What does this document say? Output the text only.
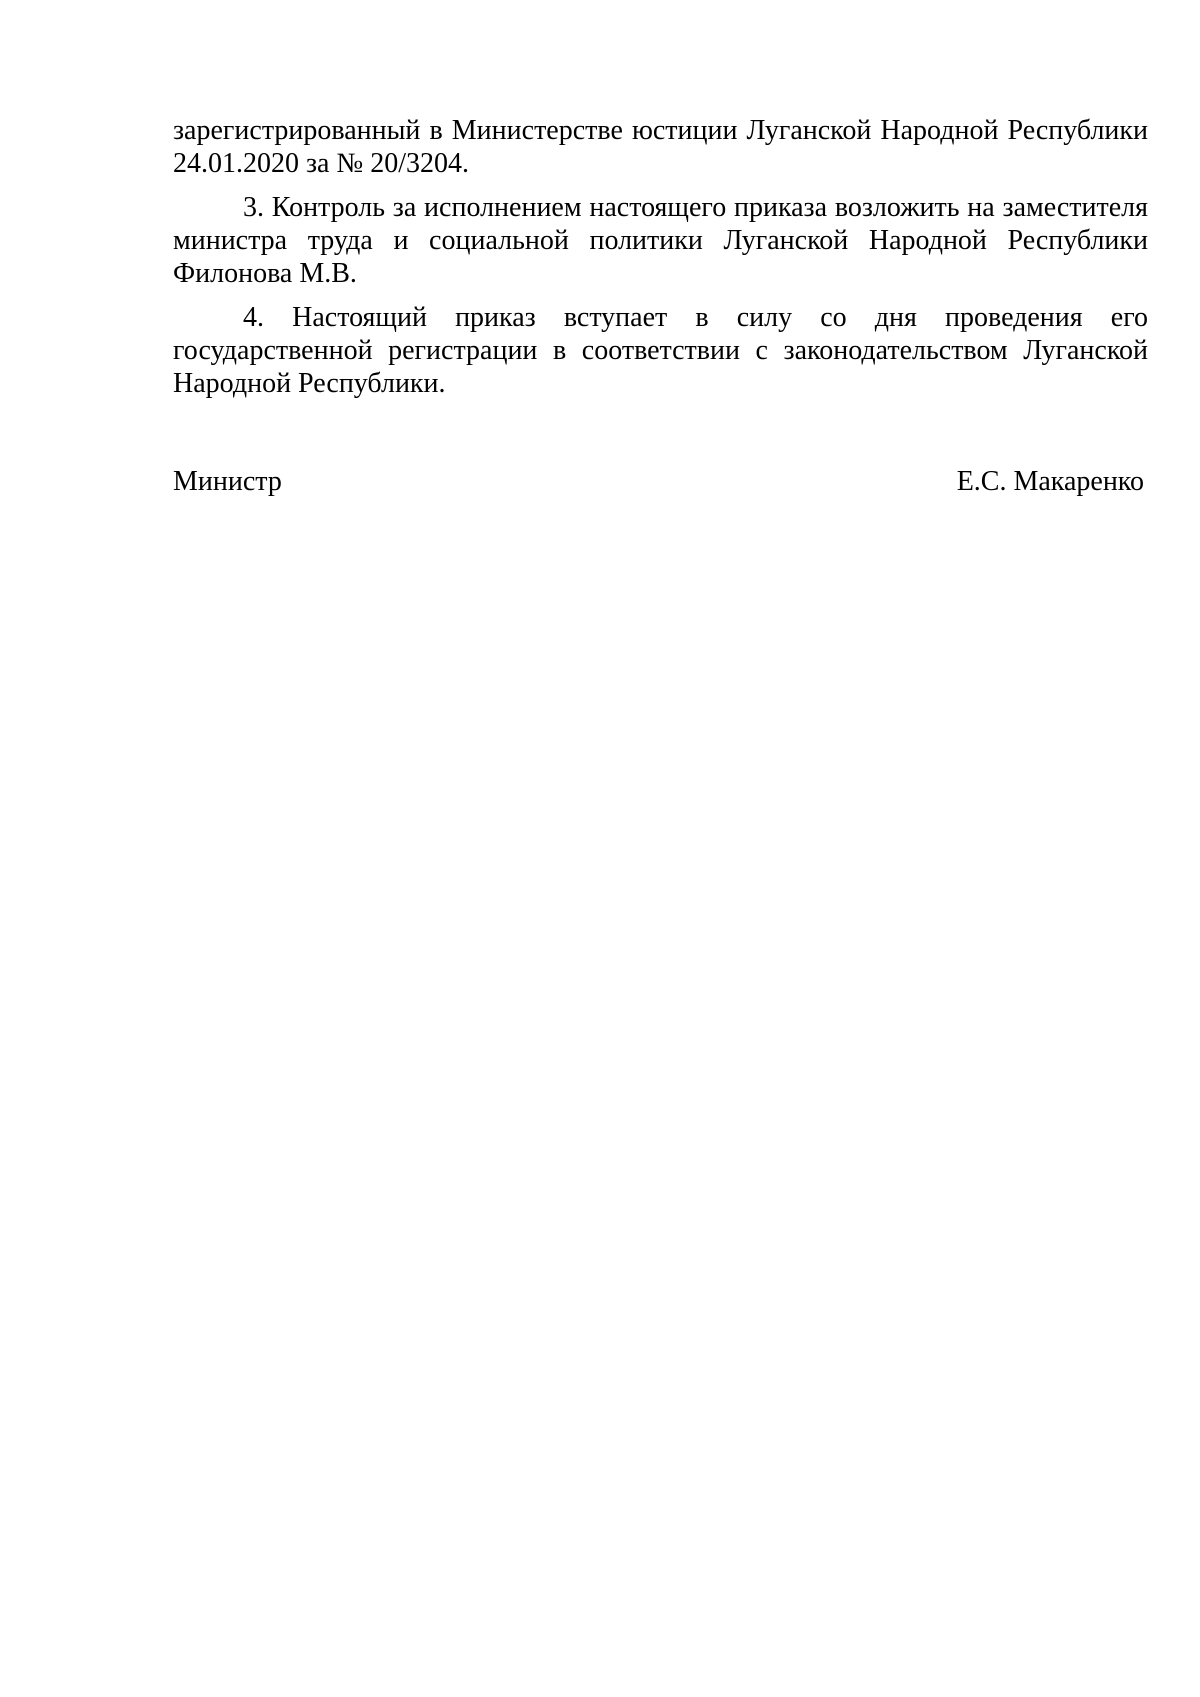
зарегистрированный в Министерстве юстиции Луганской Народной Республики 24.01.2020 за № 20/3204.

3. Контроль за исполнением настоящего приказа возложить на заместителя министра труда и социальной политики Луганской Народной Республики Филонова М.В.

4. Настоящий приказ вступает в силу со дня проведения его государственной регистрации в соответствии с законодательством Луганской Народной Республики.

Министр	Е.С. Макаренко
